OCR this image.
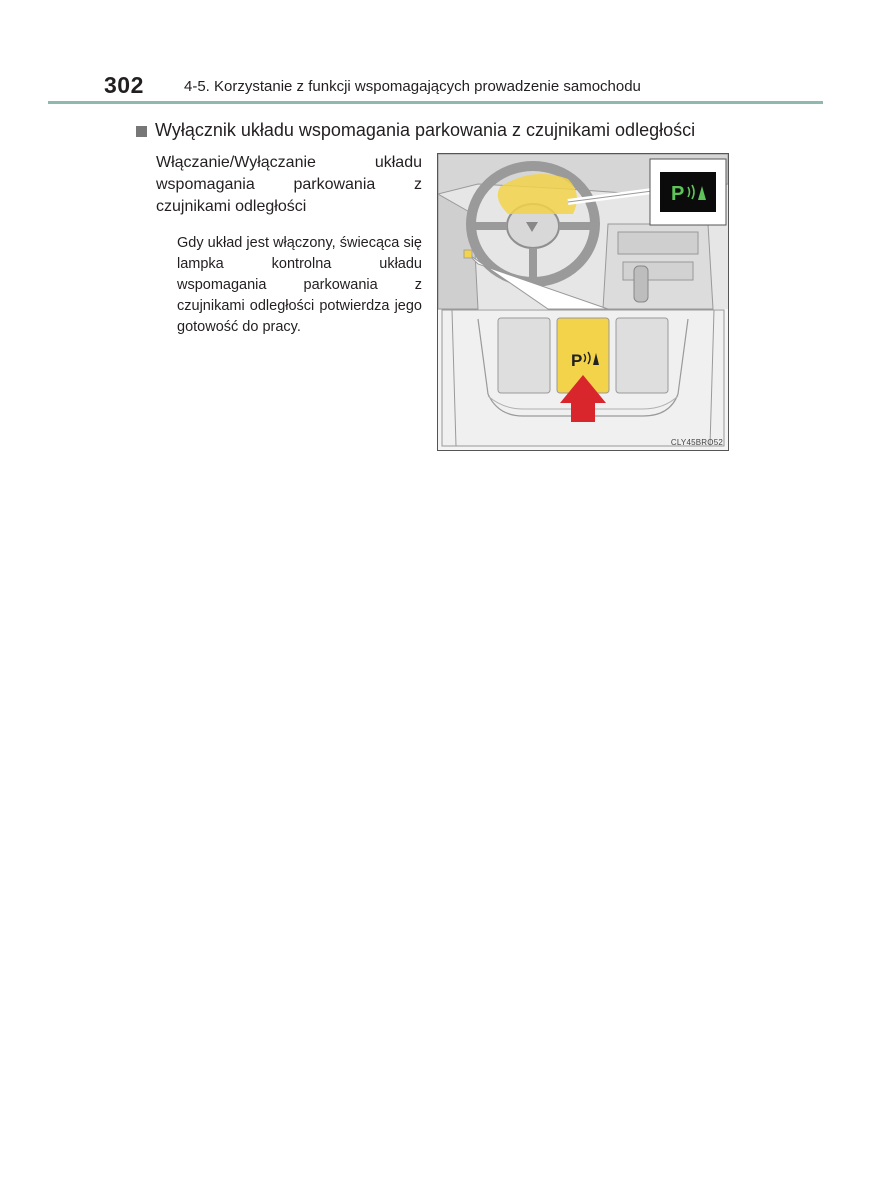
302	4-5. Korzystanie z funkcji wspomagających prowadzenie samochodu
Wyłącznik układu wspomagania parkowania z czujnikami odległości
Włączanie/Wyłączanie układu wspomagania parkowania z czujnikami odległości
Gdy układ jest włączony, świecąca się lampka kontrolna układu wspomagania parkowania z czujnikami odległości potwierdza jego gotowość do pracy.
P
P
CLY45BRO52
